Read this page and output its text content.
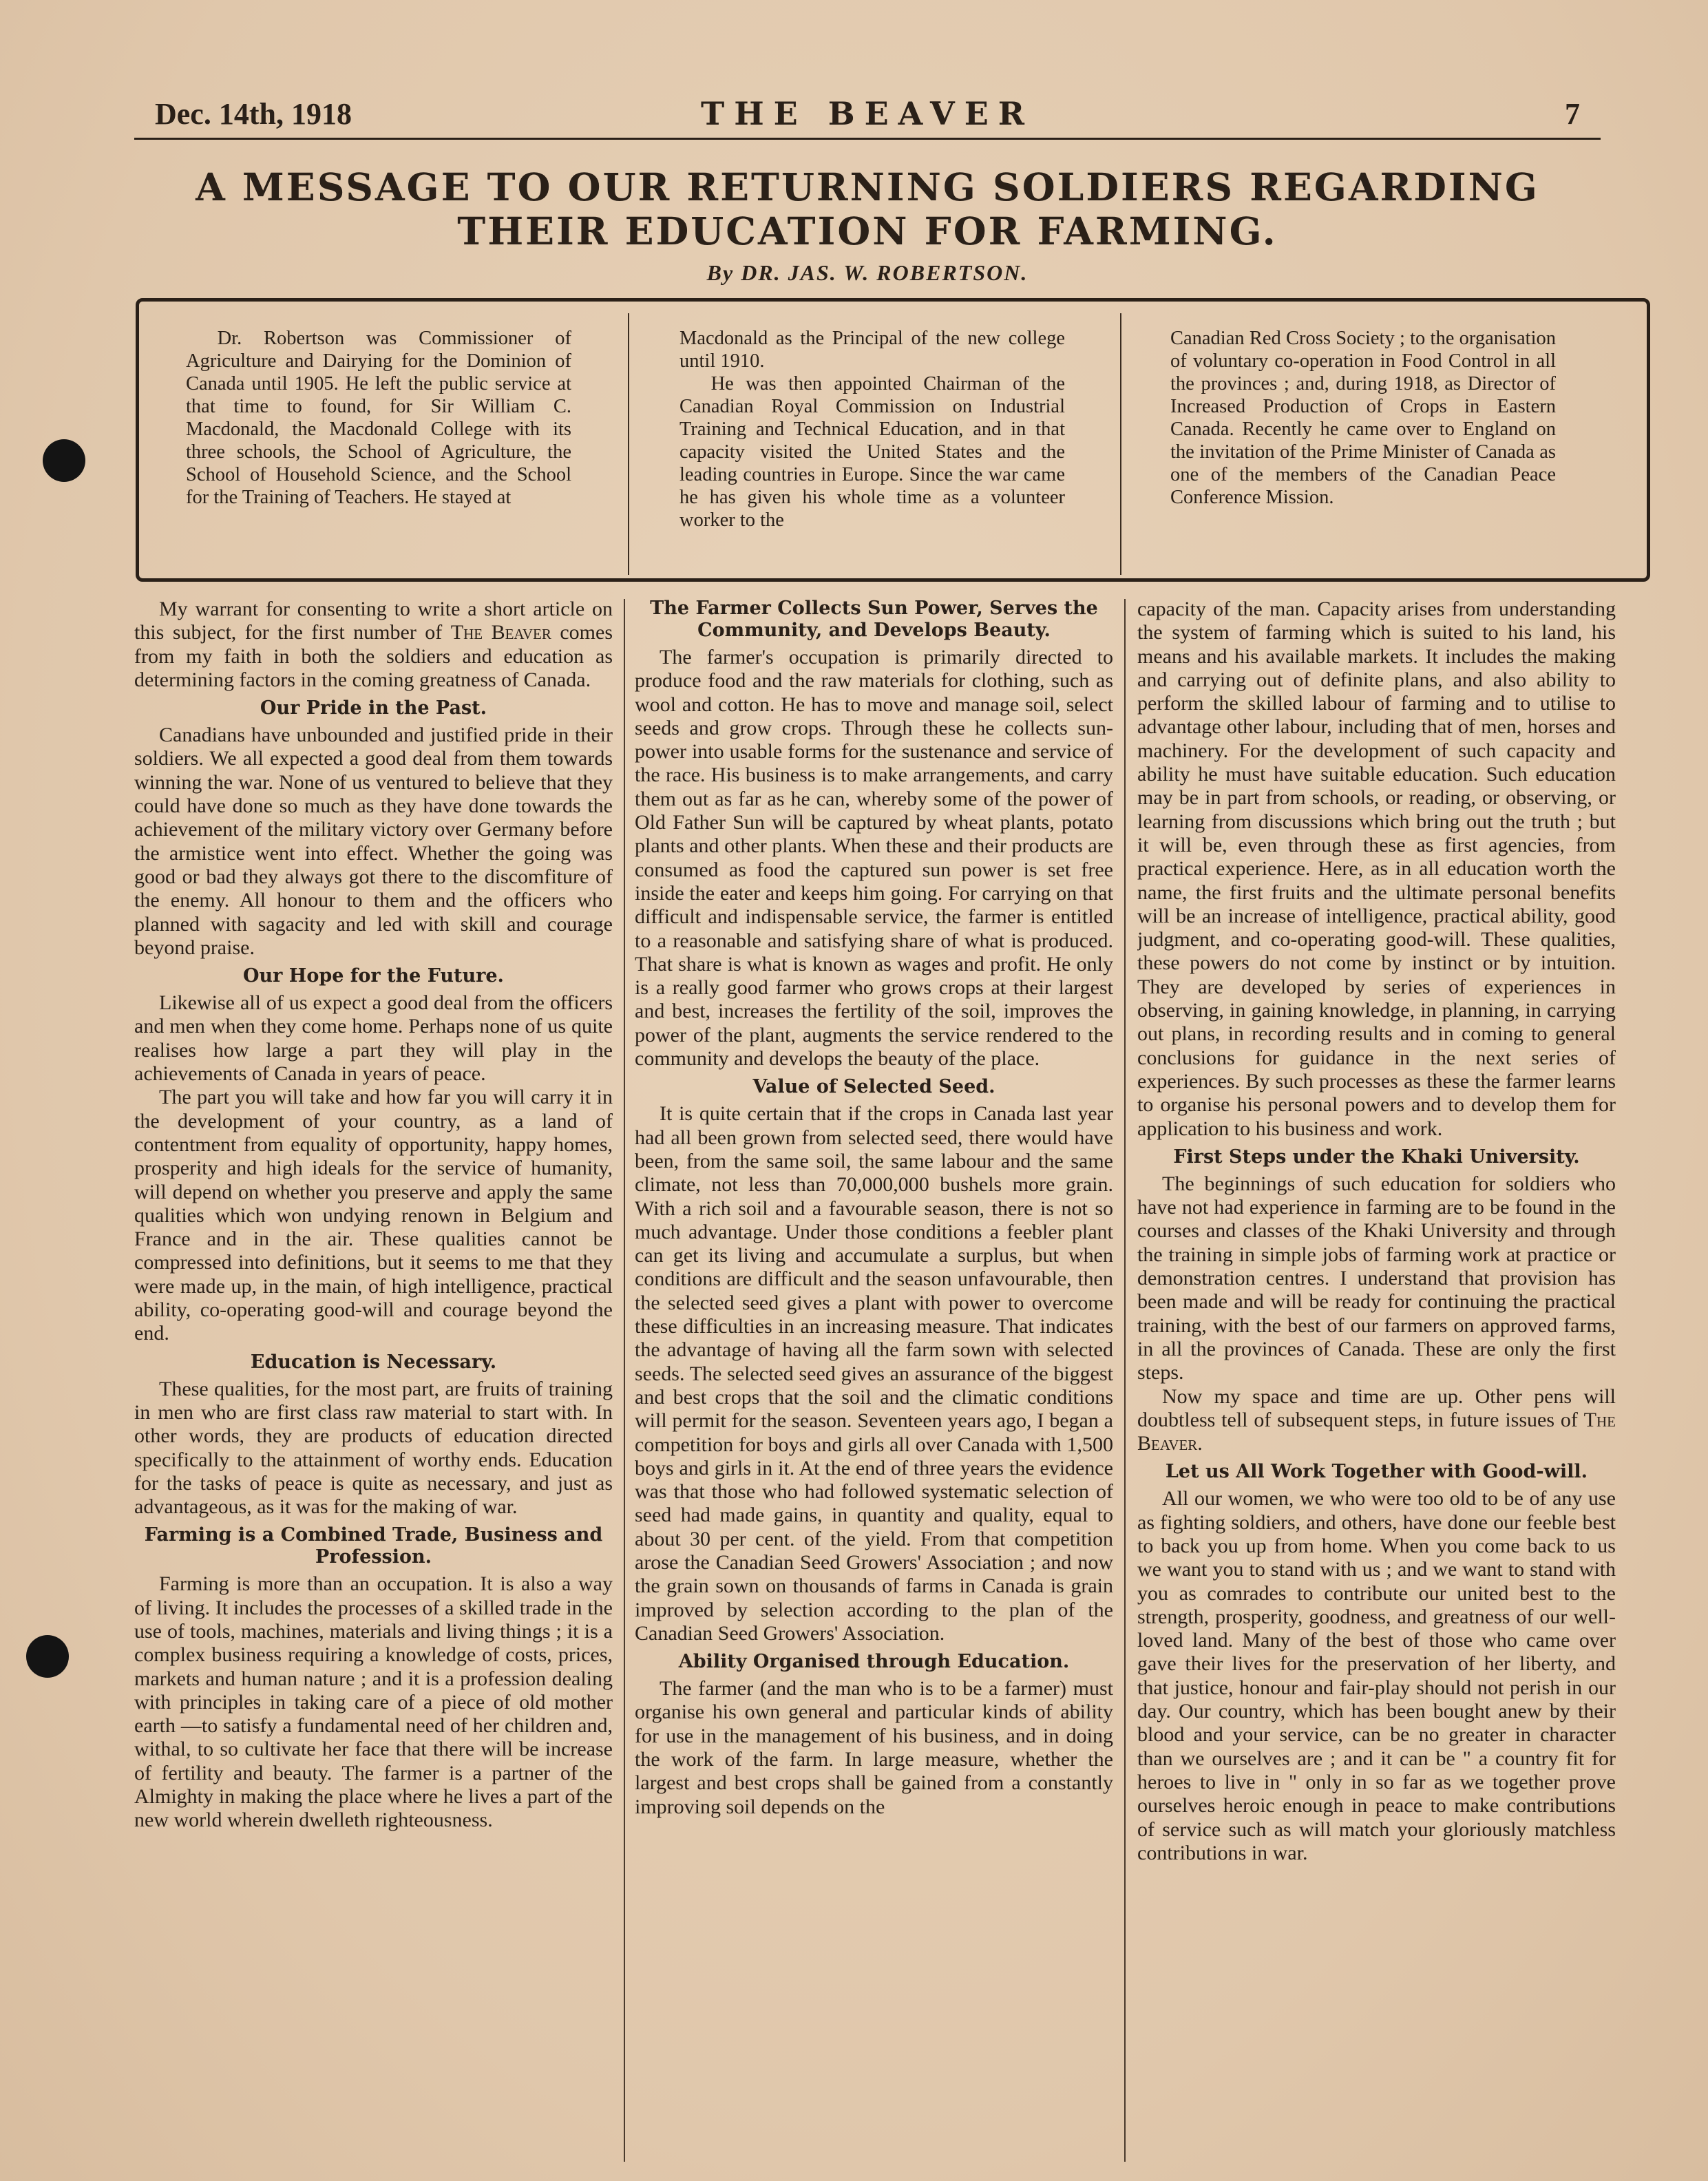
Dec. 14th, 1918	THE BEAVER	7
A MESSAGE TO OUR RETURNING SOLDIERS REGARDING
THEIR EDUCATION FOR FARMING.
By DR. JAS. W. ROBERTSON.

Dr. Robertson was Commissioner of Agriculture and Dairying for the Dominion of Canada until 1905. He left the public service at that time to found, for Sir William C. Macdonald, the Macdonald College with its three schools, the School of Agriculture, the School of Household Science, and the School for the Training of Teachers. He stayed at

Macdonald as the Principal of the new college until 1910.

He was then appointed Chairman of the Canadian Royal Commission on Industrial Training and Technical Education, and in that capacity visited the United States and the leading countries in Europe. Since the war came he has given his whole time as a volunteer worker to the

Canadian Red Cross Society ; to the organisation of voluntary co-operation in Food Control in all the provinces ; and, during 1918, as Director of Increased Production of Crops in Eastern Canada. Recently he came over to England on the invitation of the Prime Minister of Canada as one of the members of the Canadian Peace Conference Mission.

My warrant for consenting to write a short article on this subject, for the first number of The Beaver comes from my faith in both the soldiers and education as determining factors in the coming greatness of Canada.

Our Pride in the Past.

Canadians have unbounded and justified pride in their soldiers. We all expected a good deal from them towards winning the war. None of us ventured to believe that they could have done so much as they have done towards the achievement of the military victory over Germany before the armistice went into effect. Whether the going was good or bad they always got there to the discomfiture of the enemy. All honour to them and the officers who planned with sagacity and led with skill and courage beyond praise.

Our Hope for the Future.

Likewise all of us expect a good deal from the officers and men when they come home. Perhaps none of us quite realises how large a part they will play in the achievements of Canada in years of peace.

The part you will take and how far you will carry it in the development of your country, as a land of contentment from equality of opportunity, happy homes, prosperity and high ideals for the service of humanity, will depend on whether you preserve and apply the same qualities which won undying renown in Belgium and France and in the air. These qualities cannot be compressed into definitions, but it seems to me that they were made up, in the main, of high intelligence, practical ability, co-operating good-will and courage beyond the end.

Education is Necessary.

These qualities, for the most part, are fruits of training in men who are first class raw material to start with. In other words, they are products of education directed specifically to the attainment of worthy ends. Education for the tasks of peace is quite as necessary, and just as advantageous, as it was for the making of war.

Farming is a Combined Trade, Business and Profession.

Farming is more than an occupation. It is also a way of living. It includes the processes of a skilled trade in the use of tools, machines, materials and living things ; it is a complex business requiring a knowledge of costs, prices, markets and human nature ; and it is a profession dealing with principles in taking care of a piece of old mother earth —to satisfy a fundamental need of her children and, withal, to so cultivate her face that there will be increase of fertility and beauty. The farmer is a partner of the Almighty in making the place where he lives a part of the new world wherein dwelleth righteousness.

The Farmer Collects Sun Power, Serves the Community, and Develops Beauty.

The farmer's occupation is primarily directed to produce food and the raw materials for clothing, such as wool and cotton. He has to move and manage soil, select seeds and grow crops. Through these he collects sun-power into usable forms for the sustenance and service of the race. His business is to make arrangements, and carry them out as far as he can, whereby some of the power of Old Father Sun will be captured by wheat plants, potato plants and other plants. When these and their products are consumed as food the captured sun power is set free inside the eater and keeps him going. For carrying on that difficult and indispensable service, the farmer is entitled to a reasonable and satisfying share of what is produced. That share is what is known as wages and profit. He only is a really good farmer who grows crops at their largest and best, increases the fertility of the soil, improves the power of the plant, augments the service rendered to the community and develops the beauty of the place.

Value of Selected Seed.

It is quite certain that if the crops in Canada last year had all been grown from selected seed, there would have been, from the same soil, the same labour and the same climate, not less than 70,000,000 bushels more grain. With a rich soil and a favourable season, there is not so much advantage. Under those conditions a feebler plant can get its living and accumulate a surplus, but when conditions are difficult and the season unfavourable, then the selected seed gives a plant with power to overcome these difficulties in an increasing measure. That indicates the advantage of having all the farm sown with selected seeds. The selected seed gives an assurance of the biggest and best crops that the soil and the climatic conditions will permit for the season. Seventeen years ago, I began a competition for boys and girls all over Canada with 1,500 boys and girls in it. At the end of three years the evidence was that those who had followed systematic selection of seed had made gains, in quantity and quality, equal to about 30 per cent. of the yield. From that competition arose the Canadian Seed Growers' Association ; and now the grain sown on thousands of farms in Canada is grain improved by selection according to the plan of the Canadian Seed Growers' Association.

Ability Organised through Education.

The farmer (and the man who is to be a farmer) must organise his own general and particular kinds of ability for use in the management of his business, and in doing the work of the farm. In large measure, whether the largest and best crops shall be gained from a constantly improving soil depends on the

capacity of the man. Capacity arises from understanding the system of farming which is suited to his land, his means and his available markets. It includes the making and carrying out of definite plans, and also ability to perform the skilled labour of farming and to utilise to advantage other labour, including that of men, horses and machinery. For the development of such capacity and ability he must have suitable education. Such education may be in part from schools, or reading, or observing, or learning from discussions which bring out the truth ; but it will be, even through these as first agencies, from practical experience. Here, as in all education worth the name, the first fruits and the ultimate personal benefits will be an increase of intelligence, practical ability, good judgment, and co-operating good-will. These qualities, these powers do not come by instinct or by intuition. They are developed by series of experiences in observing, in gaining knowledge, in planning, in carrying out plans, in recording results and in coming to general conclusions for guidance in the next series of experiences. By such processes as these the farmer learns to organise his personal powers and to develop them for application to his business and work.

First Steps under the Khaki University.

The beginnings of such education for soldiers who have not had experience in farming are to be found in the courses and classes of the Khaki University and through the training in simple jobs of farming work at practice or demonstration centres. I understand that provision has been made and will be ready for continuing the practical training, with the best of our farmers on approved farms, in all the provinces of Canada. These are only the first steps.

Now my space and time are up. Other pens will doubtless tell of subsequent steps, in future issues of The Beaver.

Let us All Work Together with Good-will.

All our women, we who were too old to be of any use as fighting soldiers, and others, have done our feeble best to back you up from home. When you come back to us we want you to stand with us ; and we want to stand with you as comrades to contribute our united best to the strength, prosperity, goodness, and greatness of our well-loved land. Many of the best of those who came over gave their lives for the preservation of her liberty, and that justice, honour and fair-play should not perish in our day. Our country, which has been bought anew by their blood and your service, can be no greater in character than we ourselves are ; and it can be " a country fit for heroes to live in " only in so far as we together prove ourselves heroic enough in peace to make contributions of service such as will match your gloriously matchless contributions in war.
